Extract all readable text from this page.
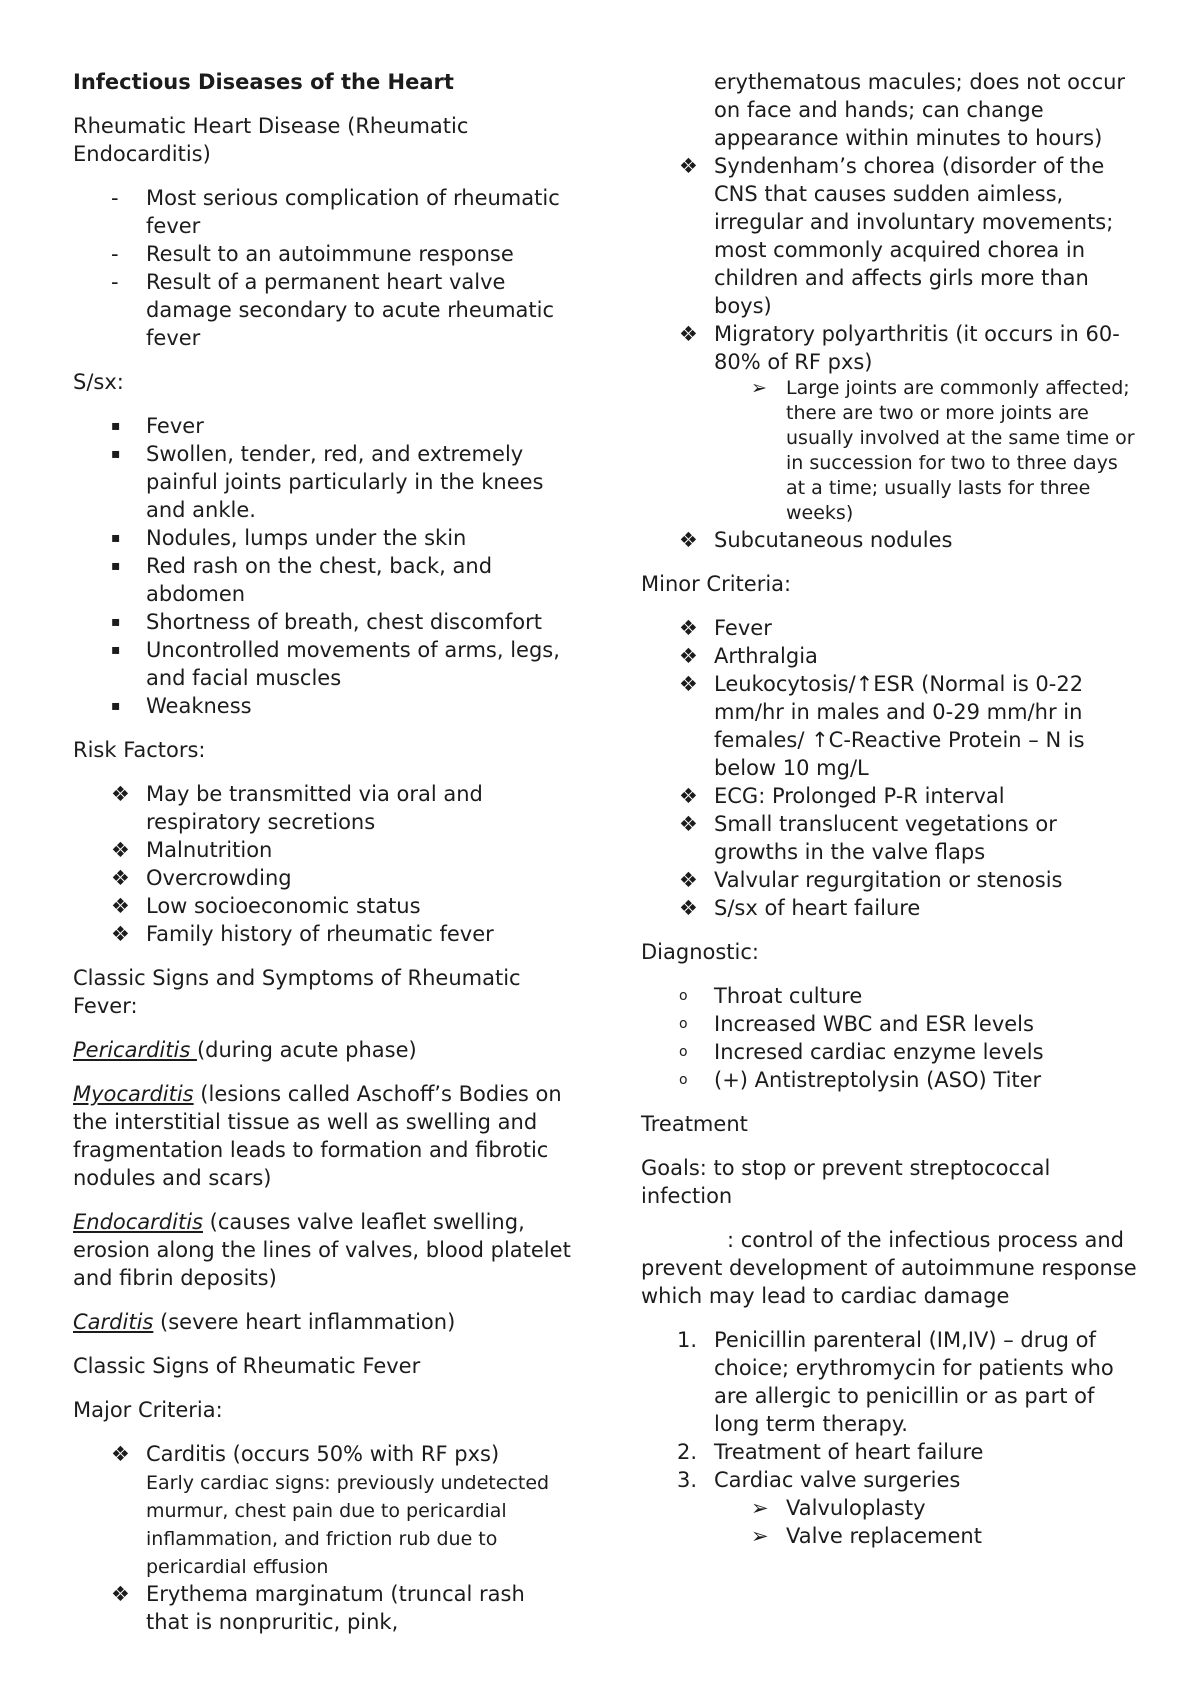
Infectious Diseases of the Heart

Rheumatic Heart Disease (Rheumatic Endocarditis)

- Most serious complication of rheumatic fever
- Result to an autoimmune response
- Result of a permanent heart valve damage secondary to acute rheumatic fever

S/sx:

▪ Fever
▪ Swollen, tender, red, and extremely painful joints particularly in the knees and ankle.
▪ Nodules, lumps under the skin
▪ Red rash on the chest, back, and abdomen
▪ Shortness of breath, chest discomfort
▪ Uncontrolled movements of arms, legs, and facial muscles
▪ Weakness

Risk Factors:

❖ May be transmitted via oral and respiratory secretions
❖ Malnutrition
❖ Overcrowding
❖ Low socioeconomic status
❖ Family history of rheumatic fever

Classic Signs and Symptoms of Rheumatic Fever:

Pericarditis (during acute phase)

Myocarditis (lesions called Aschoff’s Bodies on the interstitial tissue as well as swelling and fragmentation leads to formation and fibrotic nodules and scars)

Endocarditis (causes valve leaflet swelling, erosion along the lines of valves, blood platelet and fibrin deposits)

Carditis (severe heart inflammation)

Classic Signs of Rheumatic Fever

Major Criteria:

❖ Carditis (occurs 50% with RF pxs)
Early cardiac signs: previously undetected murmur, chest pain due to pericardial inflammation, and friction rub due to pericardial effusion
❖ Erythema marginatum (truncal rash that is nonpruritic, pink,
erythematous macules; does not occur on face and hands; can change appearance within minutes to hours)
❖ Syndenham’s chorea (disorder of the CNS that causes sudden aimless, irregular and involuntary movements; most commonly acquired chorea in children and affects girls more than boys)
❖ Migratory polyarthritis (it occurs in 60-80% of RF pxs)
➢ Large joints are commonly affected; there are two or more joints are usually involved at the same time or in succession for two to three days at a time; usually lasts for three weeks)
❖ Subcutaneous nodules

Minor Criteria:

❖ Fever
❖ Arthralgia
❖ Leukocytosis/↑ESR (Normal is 0-22 mm/hr in males and 0-29 mm/hr in females/ ↑C-Reactive Protein – N is below 10 mg/L
❖ ECG: Prolonged P-R interval
❖ Small translucent vegetations or growths in the valve flaps
❖ Valvular regurgitation or stenosis
❖ S/sx of heart failure

Diagnostic:

o Throat culture
o Increased WBC and ESR levels
o Incresed cardiac enzyme levels
o (+) Antistreptolysin (ASO) Titer

Treatment

Goals: to stop or prevent streptococcal infection

: control of the infectious process and prevent development of autoimmune response which may lead to cardiac damage

1. Penicillin parenteral (IM,IV) – drug of choice; erythromycin for patients who are allergic to penicillin or as part of long term therapy.
2. Treatment of heart failure
3. Cardiac valve surgeries
➢ Valvuloplasty
➢ Valve replacement
